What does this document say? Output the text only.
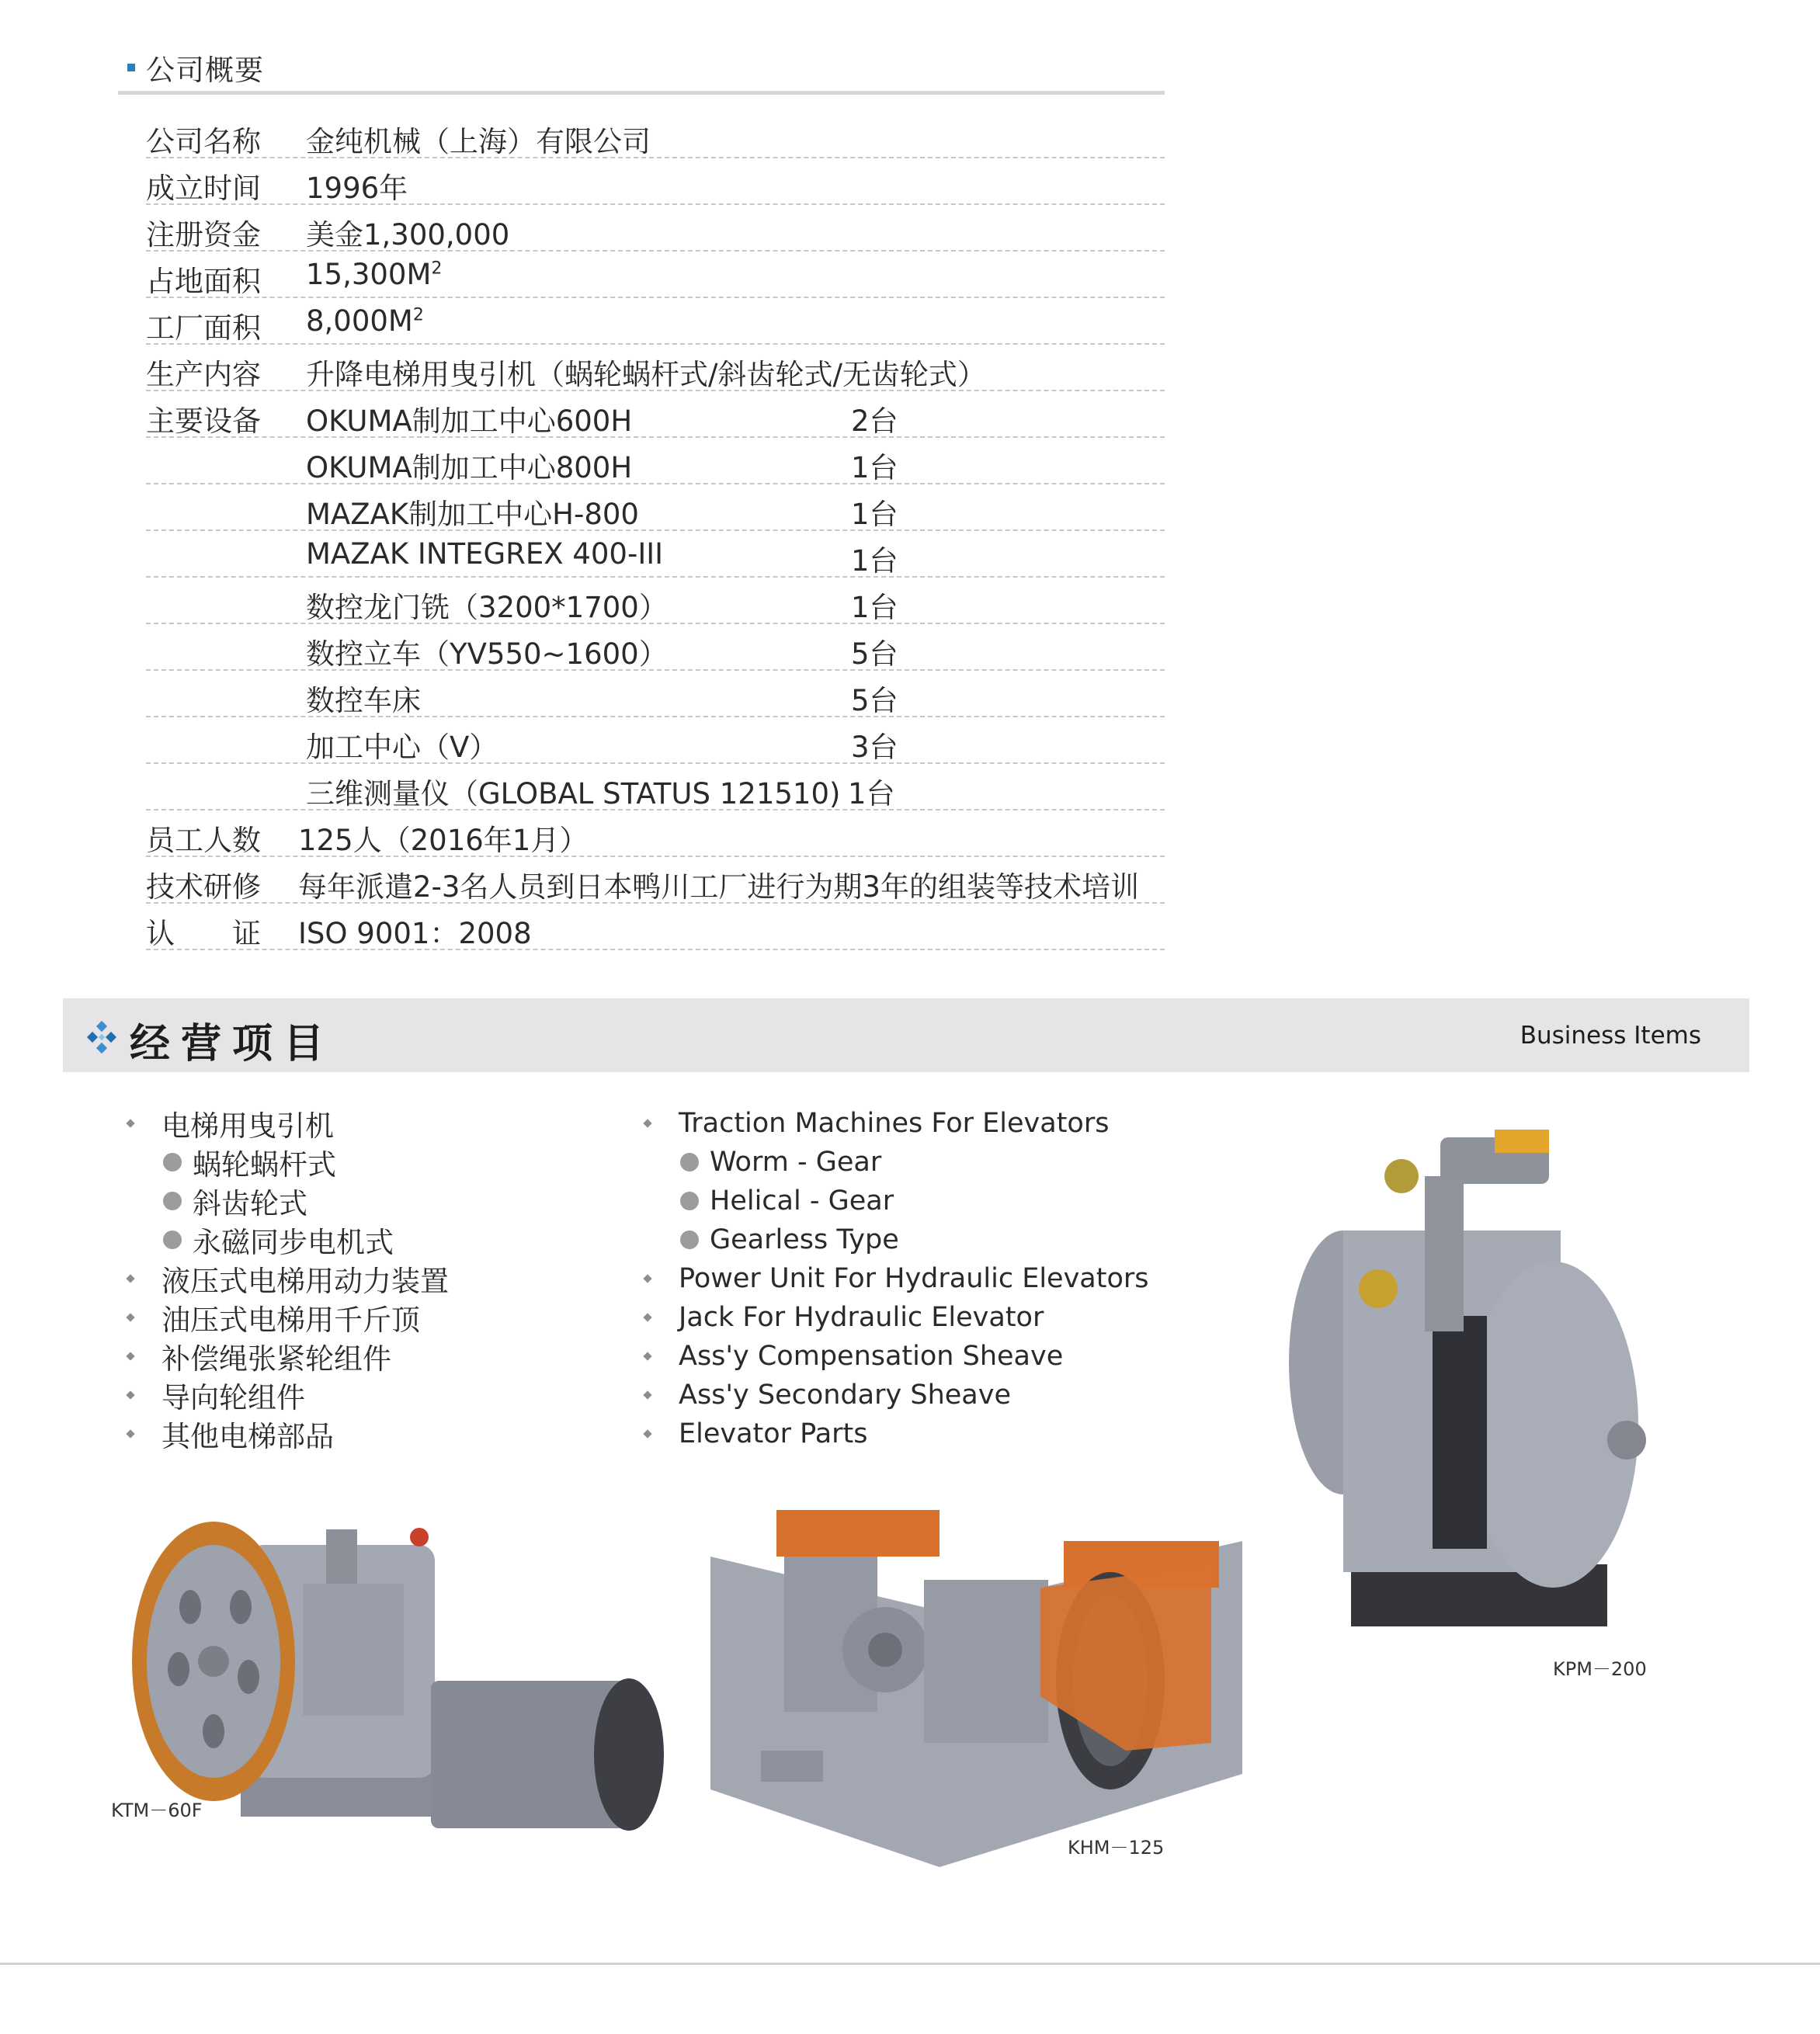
公司概要
公司名称 金纯机械（上海）有限公司
成立时间 1996年
注册资金 美金1,300,000
占地面积 $15,300M^2$
工厂面积 $8,000M^2$
生产内容 升降电梯用曳引机（蜗轮蜗杆式/斜齿轮式/无齿轮式）
主要设备 OKUMA制加工中心600H	2台
OKUMA制加工中心800H	1台
MAZAK制加工中心H-800	1台
MAZAK INTEGREX 400-III	1台
数控龙门铣（3200*1700）	1台
数控立车（YV550~1600）	5台
数控车床	5台
加工中心（V）	3台
三维测量仪（GLOBAL STATUS 121510) 1台
员工人数 125人（2016年1月）
技术研修 每年派遣2-3名人员到日本鸭川工厂进行为期3年的组装等技术培训
认　　证 ISO 9001：2008
经营项目	Business Items
电梯用曳引机
蜗轮蜗杆式
斜齿轮式
永磁同步电机式
液压式电梯用动力装置
油压式电梯用千斤顶
补偿绳张紧轮组件
导向轮组件
其他电梯部品
Traction Machines For Elevators
Worm - Gear
Helical - Gear
Gearless Type
Power Unit For Hydraulic Elevators
Jack For Hydraulic Elevator
Ass'y Compensation Sheave
Ass'y Secondary Sheave
Elevator Parts
KTM－60F
KHM－125
KPM－200
